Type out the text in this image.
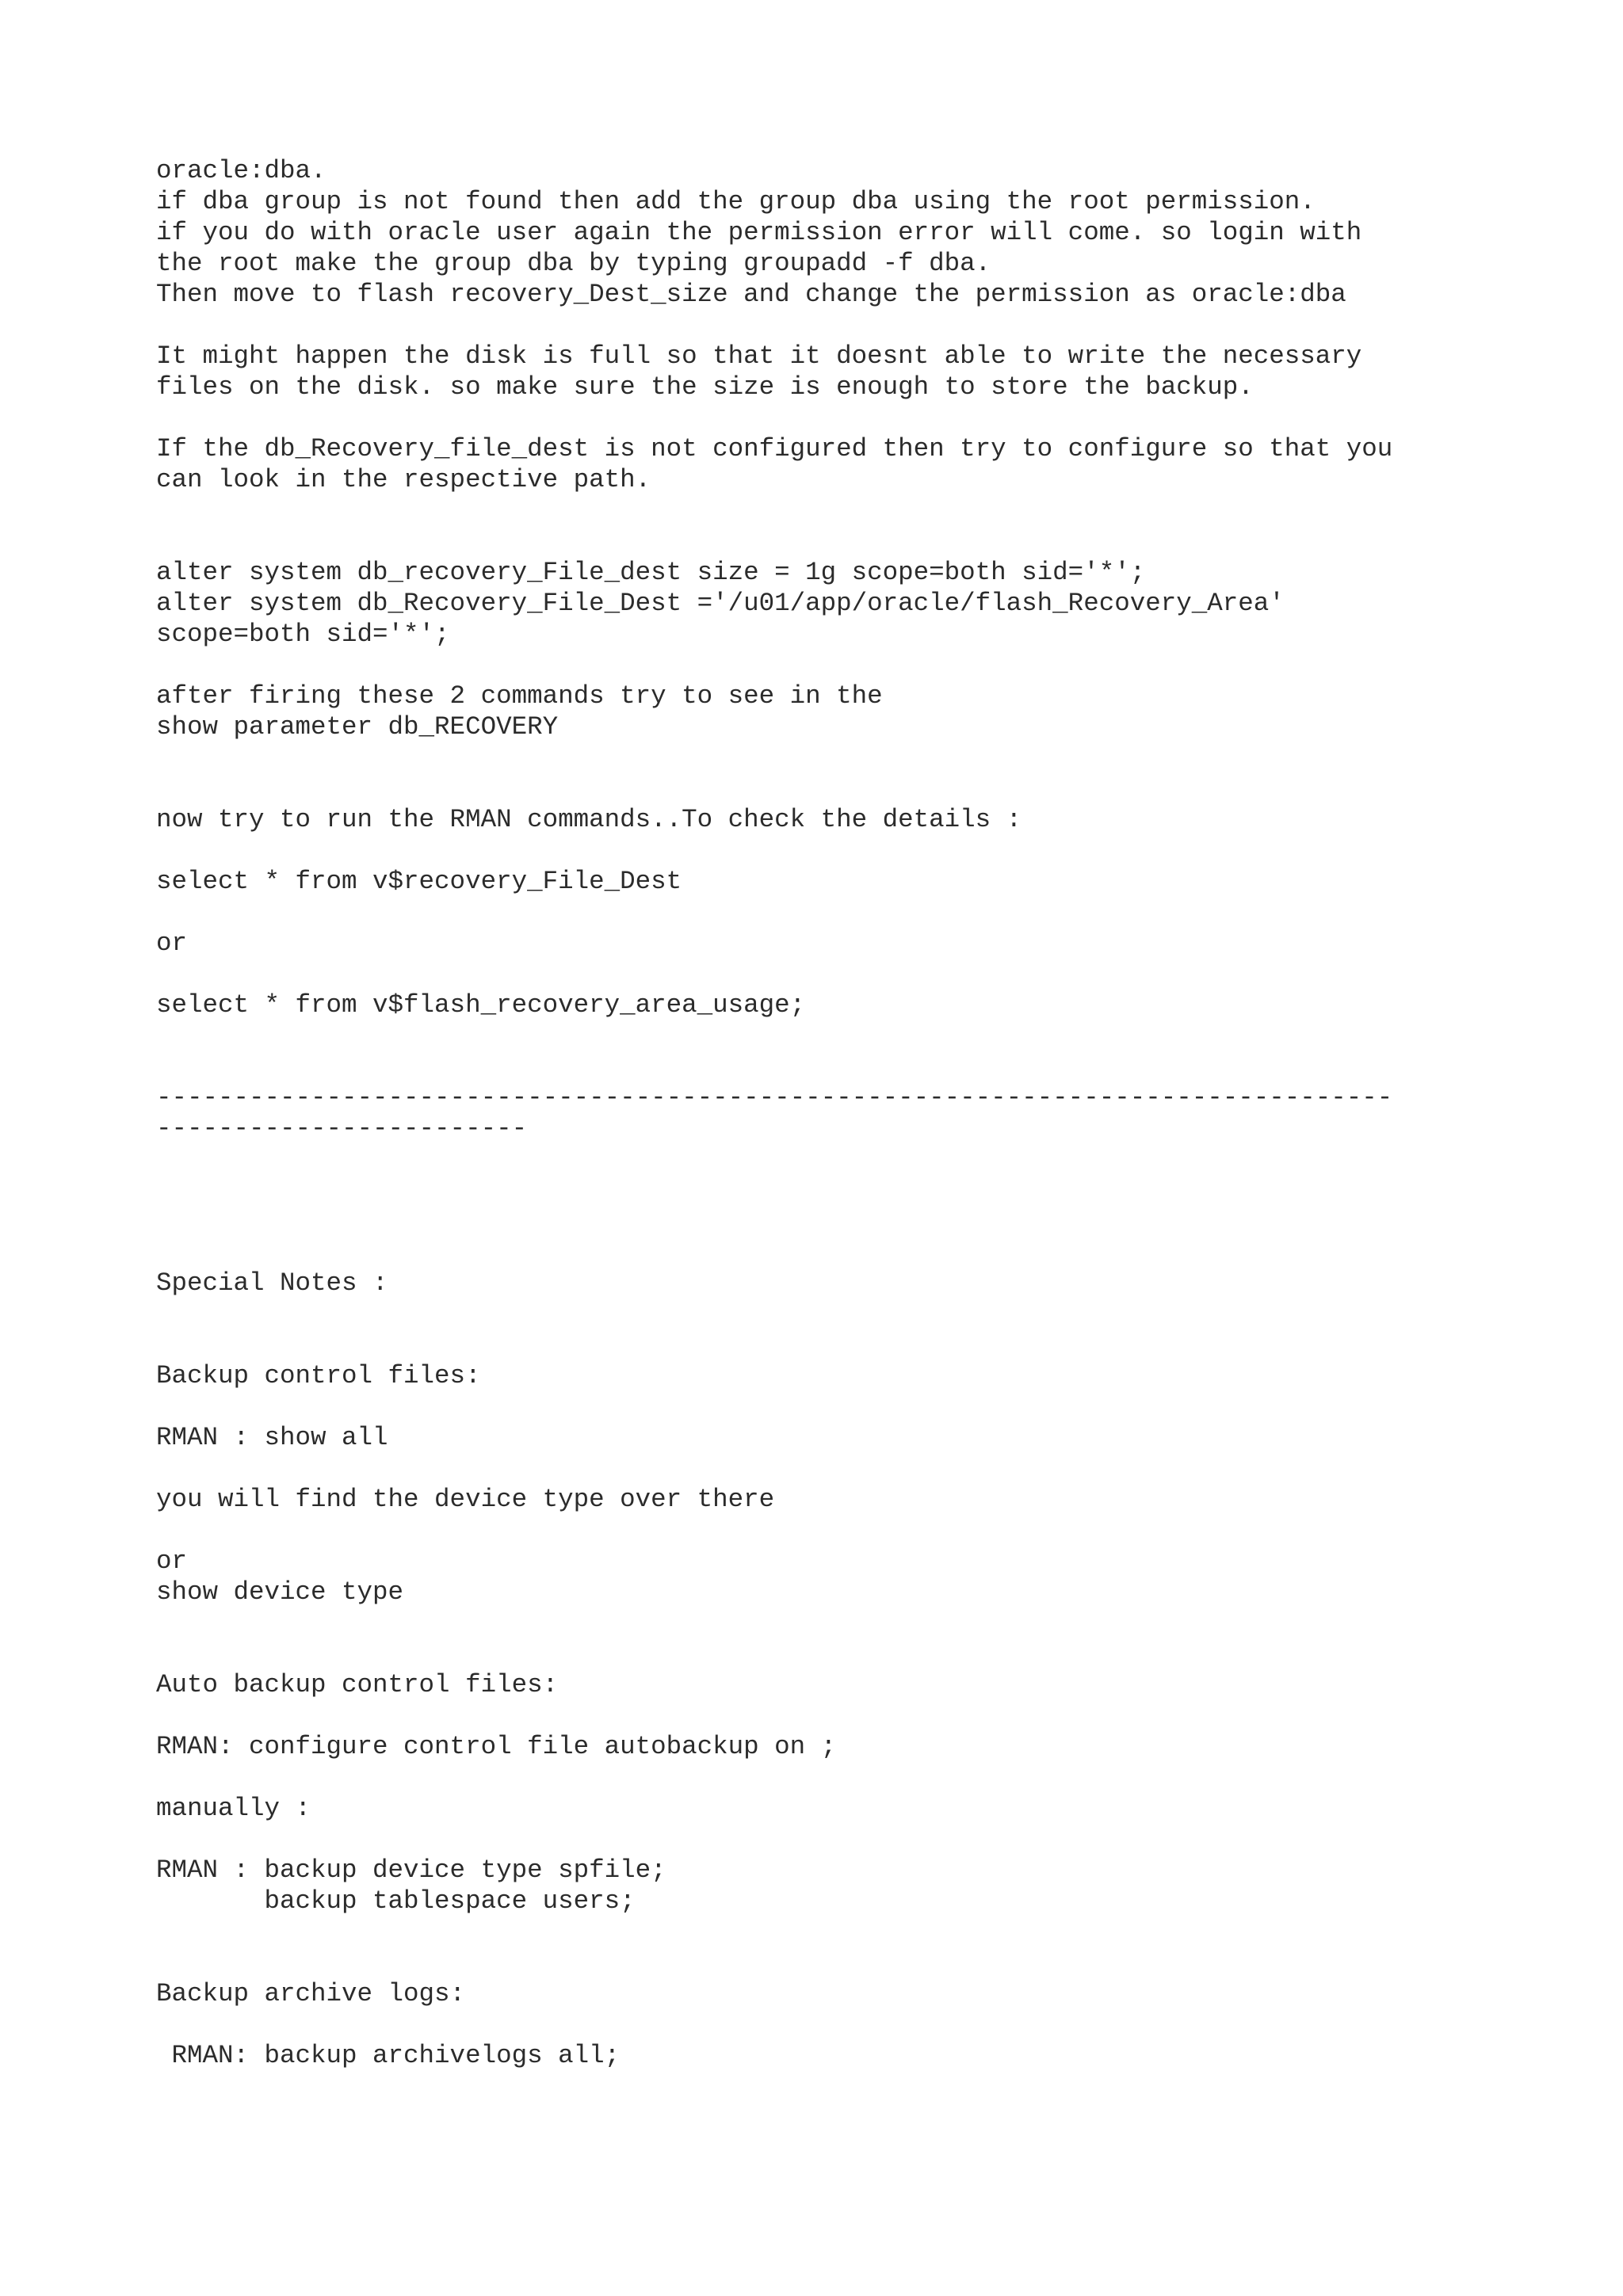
oracle:dba.
if dba group is not found then add the group dba using the root permission.
if you do with oracle user again the permission error will come. so login with
the root make the group dba by typing groupadd -f dba.
Then move to flash recovery_Dest_size and change the permission as oracle:dba
It might happen the disk is full so that it doesnt able to write the necessary
files on the disk. so make sure the size is enough to store the backup.
If the db_Recovery_file_dest is not configured then try to configure so that you
can look in the respective path.
alter system db_recovery_File_dest size = 1g scope=both sid='*';
alter system db_Recovery_File_Dest ='/u01/app/oracle/flash_Recovery_Area'
scope=both sid='*';
after firing these 2 commands try to see in the
show parameter db_RECOVERY
now try to run the RMAN commands..To check the details :
select * from v$recovery_File_Dest
or
select * from v$flash_recovery_area_usage;
--------------------------------------------------------------------------------
------------------------
Special Notes :
Backup control files:
RMAN : show all
you will find the device type over there
or
show device type
Auto backup control files:
RMAN: configure control file autobackup on ;
manually :
RMAN : backup device type spfile;
backup tablespace users;
Backup archive logs:
RMAN: backup archivelogs all;
